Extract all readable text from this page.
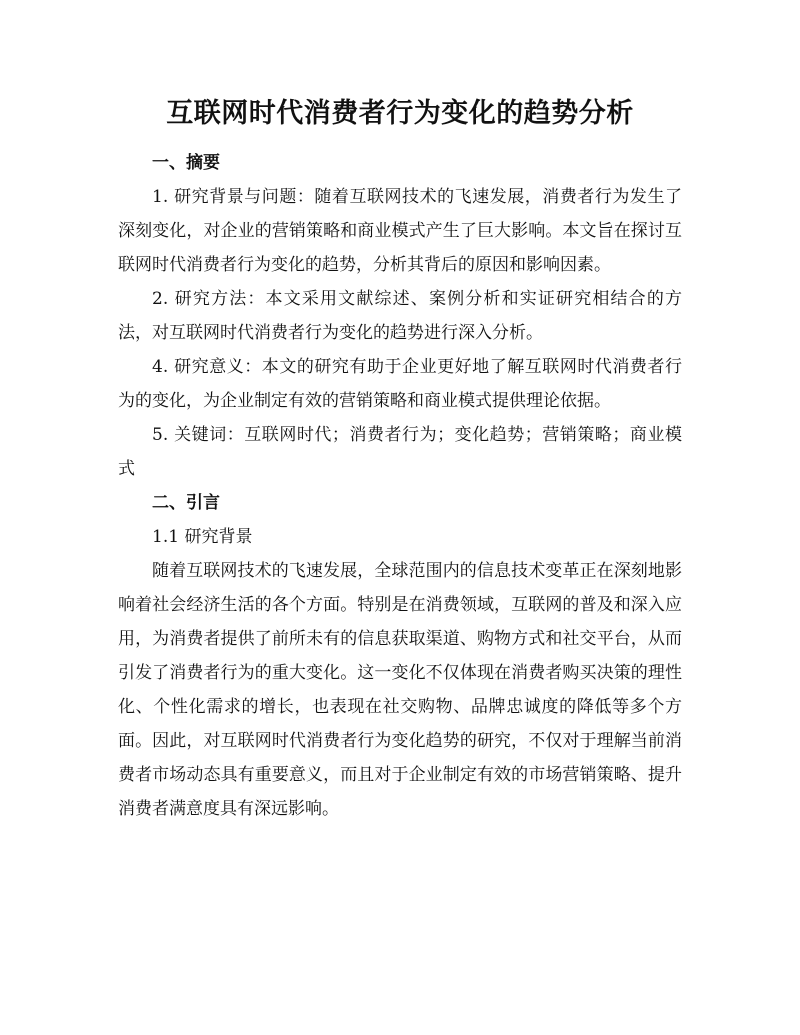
互联网时代消费者行为变化的趋势分析
一、摘要

1. 研究背景与问题：随着互联网技术的飞速发展，消费者行为发生了深刻变化，对企业的营销策略和商业模式产生了巨大影响。本文旨在探讨互联网时代消费者行为变化的趋势，分析其背后的原因和影响因素。

2. 研究方法：本文采用文献综述、案例分析和实证研究相结合的方法，对互联网时代消费者行为变化的趋势进行深入分析。

4. 研究意义：本文的研究有助于企业更好地了解互联网时代消费者行为的变化，为企业制定有效的营销策略和商业模式提供理论依据。

5. 关键词：互联网时代；消费者行为；变化趋势；营销策略；商业模式

二、引言

1.1 研究背景

随着互联网技术的飞速发展，全球范围内的信息技术变革正在深刻地影响着社会经济生活的各个方面。特别是在消费领域，互联网的普及和深入应用，为消费者提供了前所未有的信息获取渠道、购物方式和社交平台，从而引发了消费者行为的重大变化。这一变化不仅体现在消费者购买决策的理性化、个性化需求的增长，也表现在社交购物、品牌忠诚度的降低等多个方面。因此，对互联网时代消费者行为变化趋势的研究，不仅对于理解当前消费者市场动态具有重要意义，而且对于企业制定有效的市场营销策略、提升消费者满意度具有深远影响。
